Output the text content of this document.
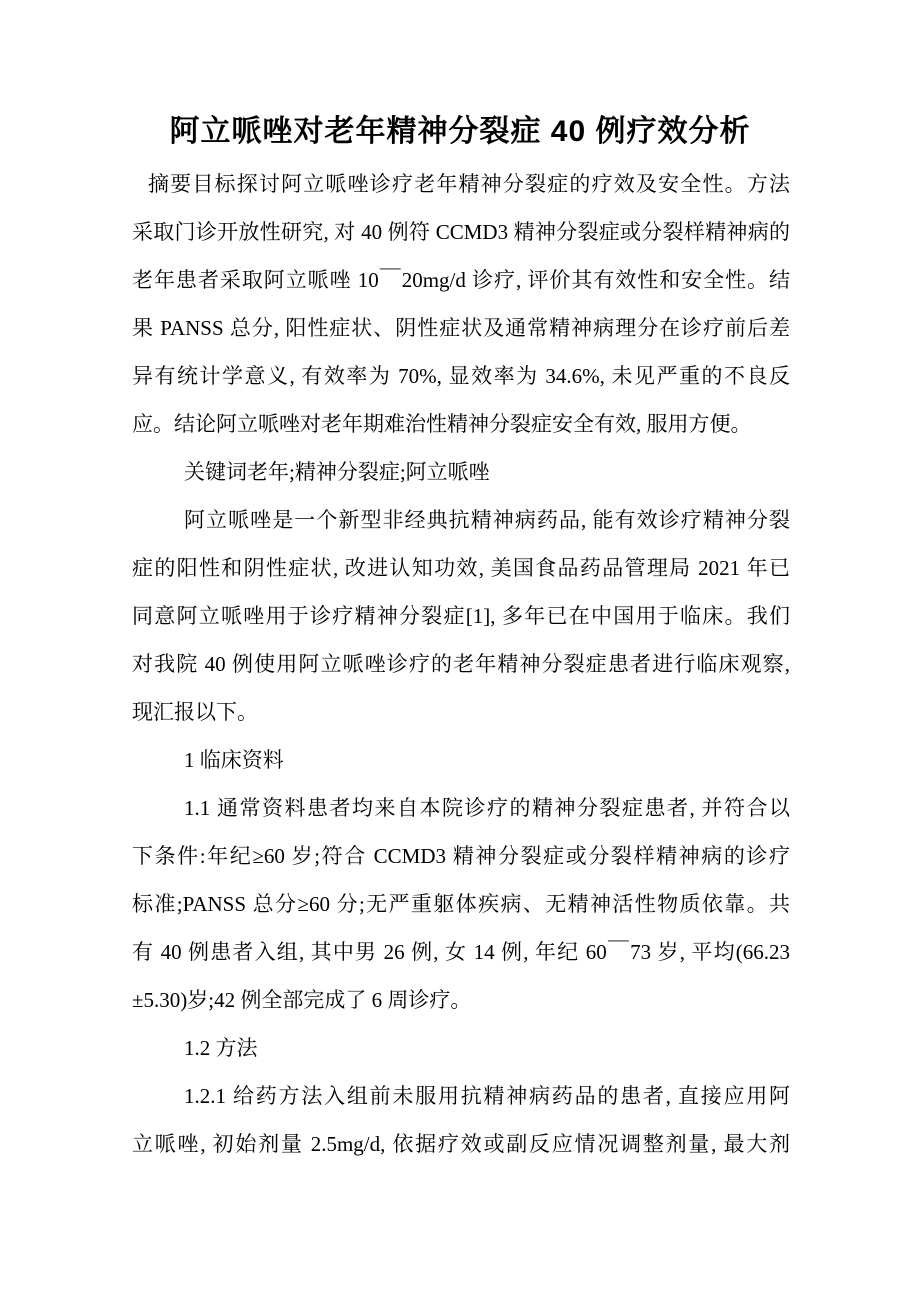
阿立哌唑对老年精神分裂症 40 例疗效分析
摘要目标探讨阿立哌唑诊疗老年精神分裂症的疗效及安全性。方法
采取门诊开放性研究, 对 40 例符 CCMD3 精神分裂症或分裂样精神病的
老年患者采取阿立哌唑 10￣20mg/d 诊疗, 评价其有效性和安全性。结
果 PANSS 总分, 阳性症状、阴性症状及通常精神病理分在诊疗前后差
异有统计学意义, 有效率为 70%, 显效率为 34.6%, 未见严重的不良反
应。结论阿立哌唑对老年期难治性精神分裂症安全有效, 服用方便。
关键词老年;精神分裂症;阿立哌唑
阿立哌唑是一个新型非经典抗精神病药品, 能有效诊疗精神分裂
症的阳性和阴性症状, 改进认知功效, 美国食品药品管理局 2021 年已
同意阿立哌唑用于诊疗精神分裂症[1], 多年已在中国用于临床。我们
对我院 40 例使用阿立哌唑诊疗的老年精神分裂症患者进行临床观察,
现汇报以下。
1 临床资料
1.1 通常资料患者均来自本院诊疗的精神分裂症患者, 并符合以
下条件:年纪≥60 岁;符合 CCMD3 精神分裂症或分裂样精神病的诊疗
标准;PANSS 总分≥60 分;无严重躯体疾病、无精神活性物质依靠。共
有 40 例患者入组, 其中男 26 例, 女 14 例, 年纪 60￣73 岁, 平均(66.23
±5.30)岁;42 例全部完成了 6 周诊疗。
1.2 方法
1.2.1 给药方法入组前未服用抗精神病药品的患者, 直接应用阿
立哌唑, 初始剂量 2.5mg/d, 依据疗效或副反应情况调整剂量, 最大剂
